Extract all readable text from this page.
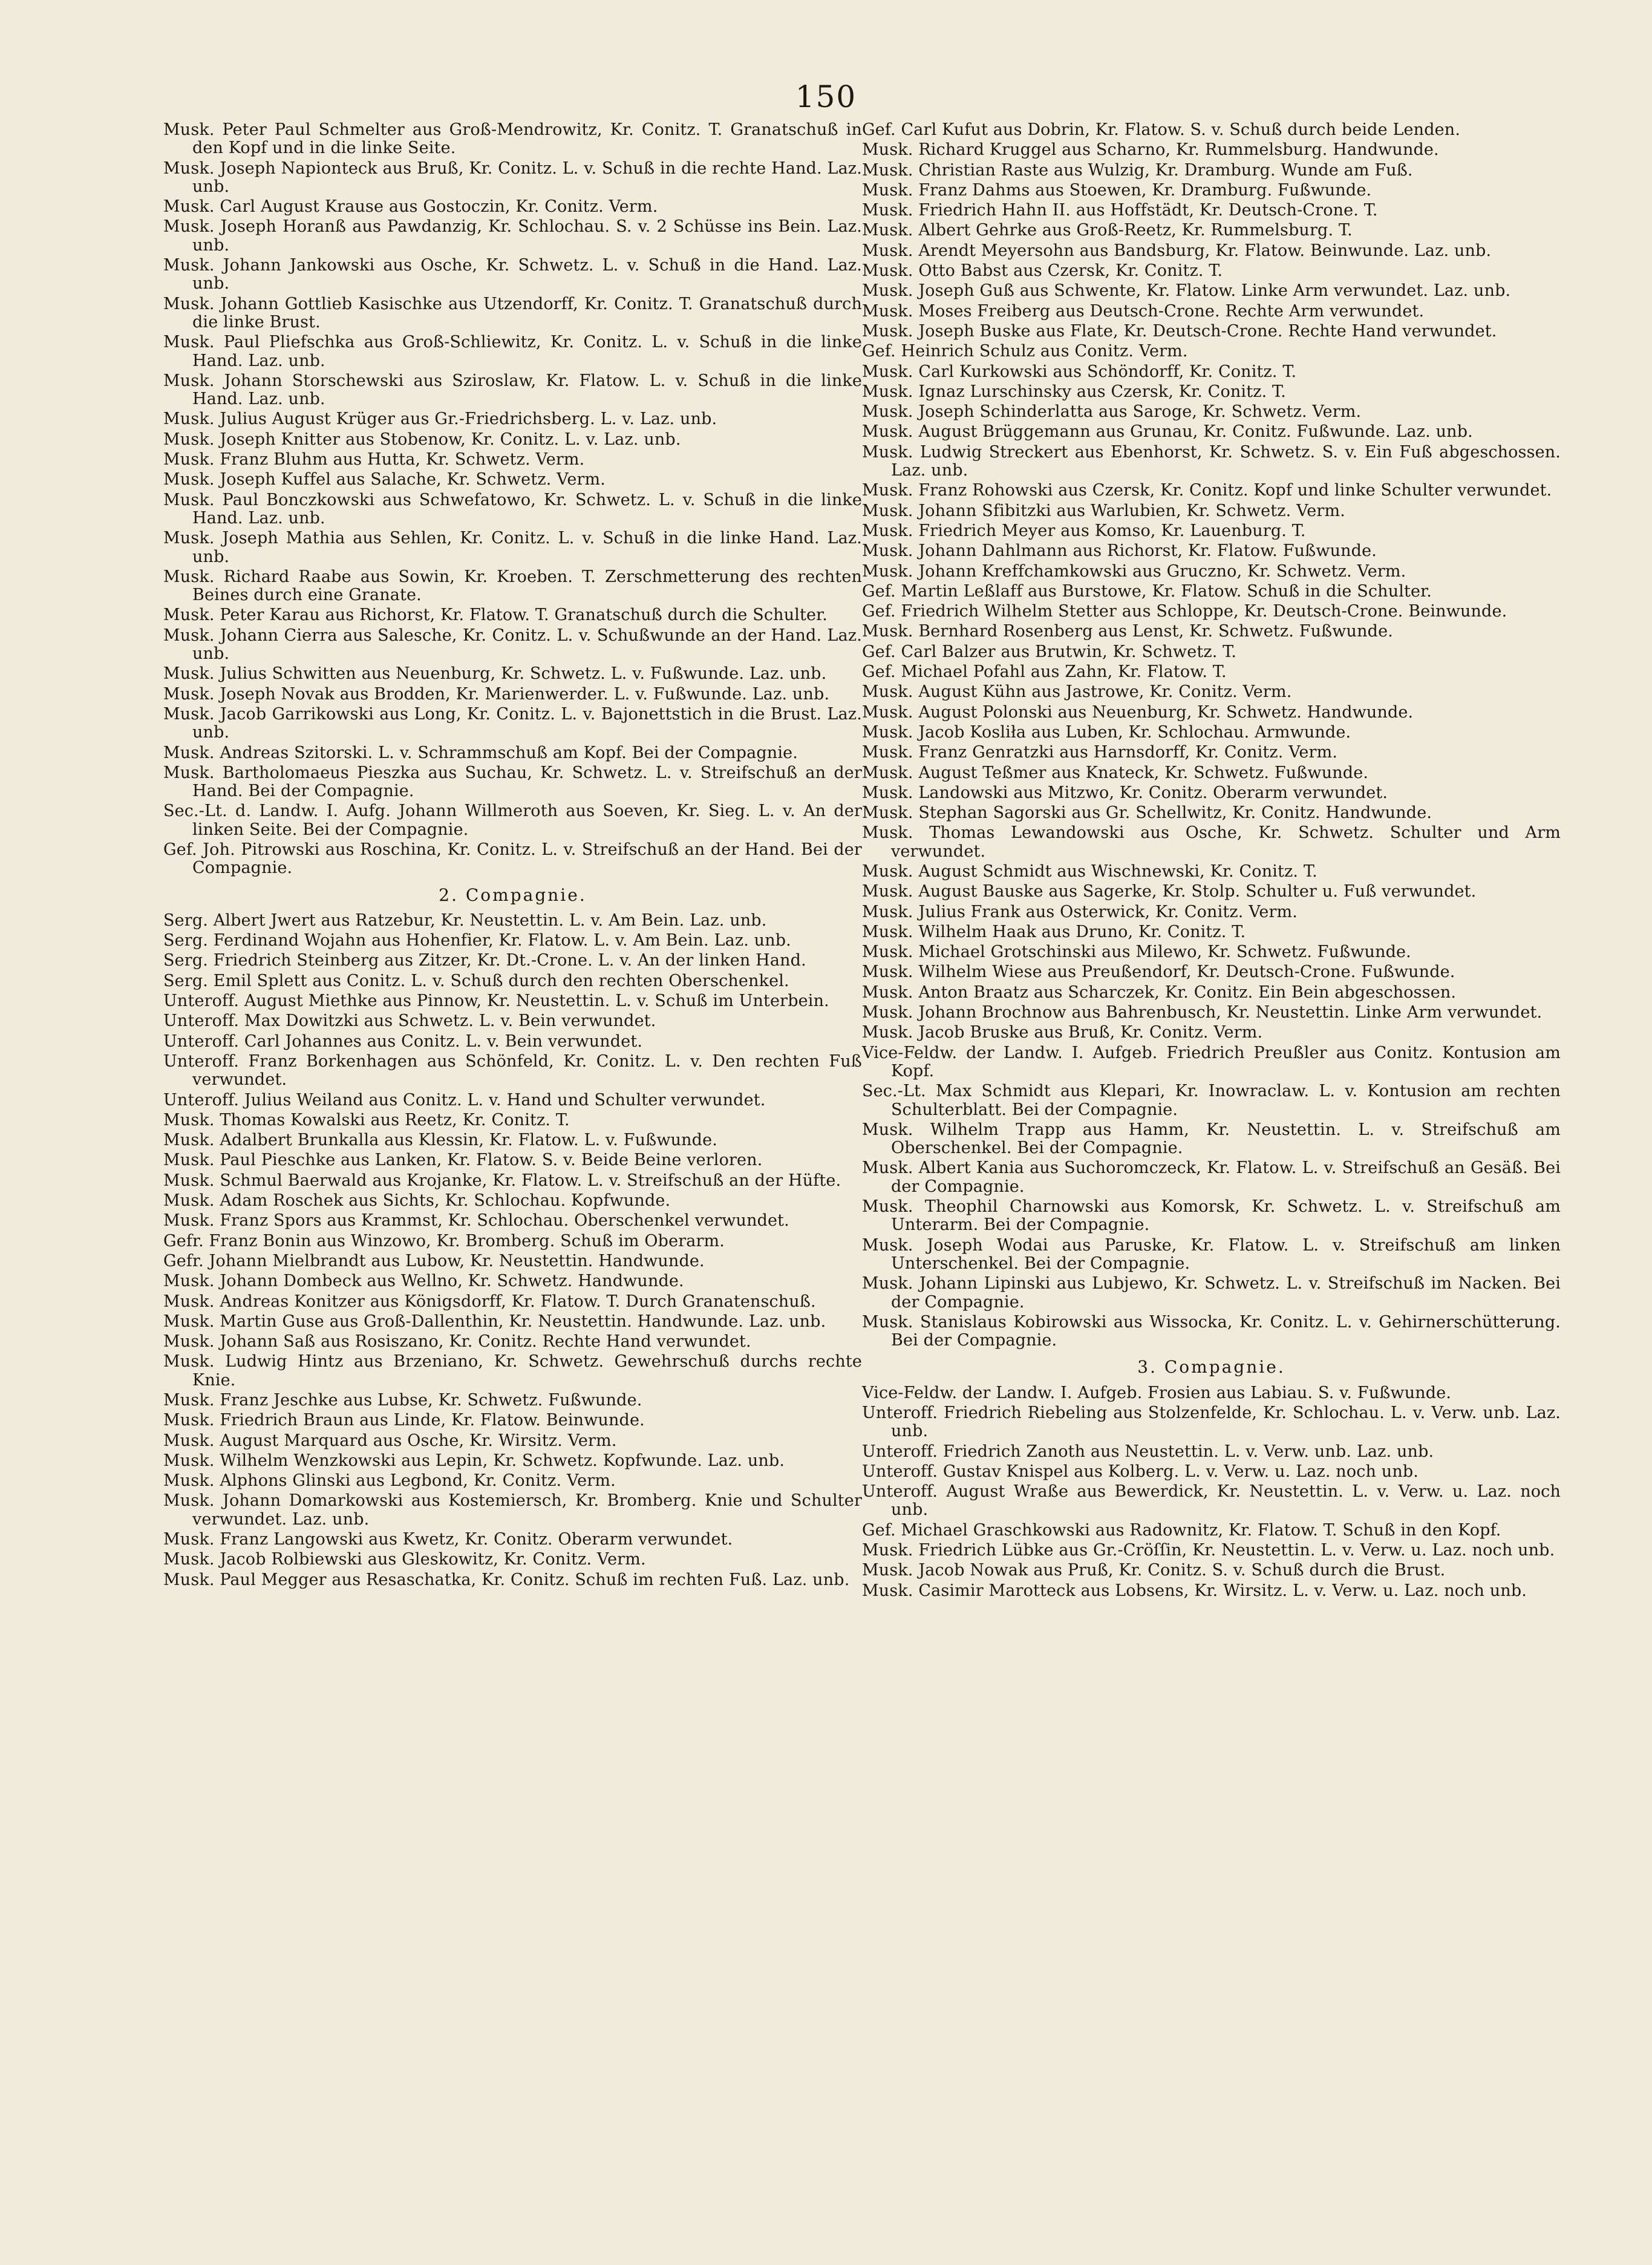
150
Musk. Peter Paul Schmelter aus Groß-Mendrowitz, Kr. Conitz. T. Granatschuß in den Kopf und in die linke Seite.
Musk. Joseph Napionteck aus Bruß, Kr. Conitz. L. v. Schuß in die rechte Hand. Laz. unb.
Musk. Carl August Krause aus Gostoczin, Kr. Conitz. Verm.
Musk. Joseph Horanß aus Pawdanzig, Kr. Schlochau. S. v. 2 Schüsse ins Bein. Laz. unb.
Musk. Johann Jankowski aus Osche, Kr. Schwetz. L. v. Schuß in die Hand. Laz. unb.
Musk. Johann Gottlieb Kasischke aus Utzendorff, Kr. Conitz. T. Granatschuß durch die linke Brust.
Musk. Paul Pliefschka aus Groß-Schliewitz, Kr. Conitz. L. v. Schuß in die linke Hand. Laz. unb.
Musk. Johann Storschewski aus Sziroslaw, Kr. Flatow. L. v. Schuß in die linke Hand. Laz. unb.
Musk. Julius August Krüger aus Gr.-Friedrichsberg. L. v. Laz. unb.
Musk. Joseph Knitter aus Stobenow, Kr. Conitz. L. v. Laz. unb.
Musk. Franz Bluhm aus Hutta, Kr. Schwetz. Verm.
Musk. Joseph Kuffel aus Salache, Kr. Schwetz. Verm.
Musk. Paul Bonczkowski aus Schwefatowo, Kr. Schwetz. L. v. Schuß in die linke Hand. Laz. unb.
Musk. Joseph Mathia aus Sehlen, Kr. Conitz. L. v. Schuß in die linke Hand. Laz. unb.
Musk. Richard Raabe aus Sowin, Kr. Kroeben. T. Zerschmetterung des rechten Beines durch eine Granate.
Musk. Peter Karau aus Richorst, Kr. Flatow. T. Granatschuß durch die Schulter.
Musk. Johann Cierra aus Salesche, Kr. Conitz. L. v. Schußwunde an der Hand. Laz. unb.
Musk. Julius Schwitten aus Neuenburg, Kr. Schwetz. L. v. Fußwunde. Laz. unb.
Musk. Joseph Novak aus Brodden, Kr. Marienwerder. L. v. Fußwunde. Laz. unb.
Musk. Jacob Garrikowski aus Long, Kr. Conitz. L. v. Bajonettstich in die Brust. Laz. unb.
Musk. Andreas Szitorski. L. v. Schrammschuß am Kopf. Bei der Compagnie.
Musk. Bartholomaeus Pieszka aus Suchau, Kr. Schwetz. L. v. Streifschuß an der Hand. Bei der Compagnie.
Sec.-Lt. d. Landw. I. Aufg. Johann Willmeroth aus Soeven, Kr. Sieg. L. v. An der linken Seite. Bei der Compagnie.
Gef. Joh. Pitrowski aus Roschina, Kr. Conitz. L. v. Streifschuß an der Hand. Bei der Compagnie.
2. Compagnie.
Serg. Albert Jwert aus Ratzebur, Kr. Neustettin. L. v. Am Bein. Laz. unb.
Serg. Ferdinand Wojahn aus Hohenfier, Kr. Flatow. L. v. Am Bein. Laz. unb.
Serg. Friedrich Steinberg aus Zitzer, Kr. Dt.-Crone. L. v. An der linken Hand.
Serg. Emil Splett aus Conitz. L. v. Schuß durch den rechten Oberschenkel.
Unteroff. August Miethke aus Pinnow, Kr. Neustettin. L. v. Schuß im Unterbein.
Unteroff. Max Dowitzki aus Schwetz. L. v. Bein verwundet.
Unteroff. Carl Johannes aus Conitz. L. v. Bein verwundet.
Unteroff. Franz Borkenhagen aus Schönfeld, Kr. Conitz. L. v. Den rechten Fuß verwundet.
Unteroff. Julius Weiland aus Conitz. L. v. Hand und Schulter verwundet.
Musk. Thomas Kowalski aus Reetz, Kr. Conitz. T.
Musk. Adalbert Brunkalla aus Klessin, Kr. Flatow. L. v. Fußwunde.
Musk. Paul Pieschke aus Lanken, Kr. Flatow. S. v. Beide Beine verloren.
Musk. Schmul Baerwald aus Krojanke, Kr. Flatow. L. v. Streifschuß an der Hüfte.
Musk. Adam Roschek aus Sichts, Kr. Schlochau. Kopfwunde.
Musk. Franz Spors aus Krammst, Kr. Schlochau. Oberschenkel verwundet.
Gefr. Franz Bonin aus Winzowo, Kr. Bromberg. Schuß im Oberarm.
Gefr. Johann Mielbrandt aus Lubow, Kr. Neustettin. Handwunde.
Musk. Johann Dombeck aus Wellno, Kr. Schwetz. Handwunde.
Musk. Andreas Konitzer aus Königsdorff, Kr. Flatow. T. Durch Granatenschuß.
Musk. Martin Guse aus Groß-Dallenthin, Kr. Neustettin. Handwunde. Laz. unb.
Musk. Johann Saß aus Rosiszano, Kr. Conitz. Rechte Hand verwundet.
Musk. Ludwig Hintz aus Brzeniano, Kr. Schwetz. Gewehrschuß durchs rechte Knie.
Musk. Franz Jeschke aus Lubse, Kr. Schwetz. Fußwunde.
Musk. Friedrich Braun aus Linde, Kr. Flatow. Beinwunde.
Musk. August Marquard aus Osche, Kr. Wirsitz. Verm.
Musk. Wilhelm Wenzkowski aus Lepin, Kr. Schwetz. Kopfwunde. Laz. unb.
Musk. Alphons Glinski aus Legbond, Kr. Conitz. Verm.
Musk. Johann Domarkowski aus Kostemiersch, Kr. Bromberg. Knie und Schulter verwundet. Laz. unb.
Musk. Franz Langowski aus Kwetz, Kr. Conitz. Oberarm verwundet.
Musk. Jacob Rolbiewski aus Gleskowitz, Kr. Conitz. Verm.
Musk. Paul Megger aus Resaschatka, Kr. Conitz. Schuß im rechten Fuß. Laz. unb.
Gef. Carl Kufut aus Dobrin, Kr. Flatow. S. v. Schuß durch beide Lenden.
Musk. Richard Kruggel aus Scharno, Kr. Rummelsburg. Handwunde.
Musk. Christian Raste aus Wulzig, Kr. Dramburg. Wunde am Fuß.
Musk. Franz Dahms aus Stoewen, Kr. Dramburg. Fußwunde.
Musk. Friedrich Hahn II. aus Hoffstädt, Kr. Deutsch-Crone. T.
Musk. Albert Gehrke aus Groß-Reetz, Kr. Rummelsburg. T.
Musk. Arendt Meyersohn aus Bandsburg, Kr. Flatow. Beinwunde. Laz. unb.
Musk. Otto Babst aus Czersk, Kr. Conitz. T.
Musk. Joseph Guß aus Schwente, Kr. Flatow. Linke Arm verwundet. Laz. unb.
Musk. Moses Freiberg aus Deutsch-Crone. Rechte Arm verwundet.
Musk. Joseph Buske aus Flate, Kr. Deutsch-Crone. Rechte Hand verwundet.
Gef. Heinrich Schulz aus Conitz. Verm.
Musk. Carl Kurkowski aus Schöndorff, Kr. Conitz. T.
Musk. Ignaz Lurschinsky aus Czersk, Kr. Conitz. T.
Musk. Joseph Schinderlatta aus Saroge, Kr. Schwetz. Verm.
Musk. August Brüggemann aus Grunau, Kr. Conitz. Fußwunde. Laz. unb.
Musk. Ludwig Streckert aus Ebenhorst, Kr. Schwetz. S. v. Ein Fuß abgeschossen. Laz. unb.
Musk. Franz Rohowski aus Czersk, Kr. Conitz. Kopf und linke Schulter verwundet.
Musk. Johann Sfibitzki aus Warlubien, Kr. Schwetz. Verm.
Musk. Friedrich Meyer aus Komso, Kr. Lauenburg. T.
Musk. Johann Dahlmann aus Richorst, Kr. Flatow. Fußwunde.
Musk. Johann Kreffchamkowski aus Gruczno, Kr. Schwetz. Verm.
Gef. Martin Leßlaff aus Burstowe, Kr. Flatow. Schuß in die Schulter.
Gef. Friedrich Wilhelm Stetter aus Schloppe, Kr. Deutsch-Crone. Beinwunde.
Musk. Bernhard Rosenberg aus Lenst, Kr. Schwetz. Fußwunde.
Gef. Carl Balzer aus Brutwin, Kr. Schwetz. T.
Gef. Michael Pofahl aus Zahn, Kr. Flatow. T.
Musk. August Kühn aus Jastrowe, Kr. Conitz. Verm.
Musk. August Polonski aus Neuenburg, Kr. Schwetz. Handwunde.
Musk. Jacob Kosliła aus Luben, Kr. Schlochau. Armwunde.
Musk. Franz Genratzki aus Harnsdorff, Kr. Conitz. Verm.
Musk. August Teßmer aus Knateck, Kr. Schwetz. Fußwunde.
Musk. Landowski aus Mitzwo, Kr. Conitz. Oberarm verwundet.
Musk. Stephan Sagorski aus Gr. Schellwitz, Kr. Conitz. Handwunde.
Musk. Thomas Lewandowski aus Osche, Kr. Schwetz. Schulter und Arm verwundet.
Musk. August Schmidt aus Wischnewski, Kr. Conitz. T.
Musk. August Bauske aus Sagerke, Kr. Stolp. Schulter u. Fuß verwundet.
Musk. Julius Frank aus Osterwick, Kr. Conitz. Verm.
Musk. Wilhelm Haak aus Druno, Kr. Conitz. T.
Musk. Michael Grotschinski aus Milewo, Kr. Schwetz. Fußwunde.
Musk. Wilhelm Wiese aus Preußendorf, Kr. Deutsch-Crone. Fußwunde.
Musk. Anton Braatz aus Scharczek, Kr. Conitz. Ein Bein abgeschossen.
Musk. Johann Brochnow aus Bahrenbusch, Kr. Neustettin. Linke Arm verwundet.
Musk. Jacob Bruske aus Bruß, Kr. Conitz. Verm.
Vice-Feldw. der Landw. I. Aufgeb. Friedrich Preußler aus Conitz. Kontusion am Kopf.
Sec.-Lt. Max Schmidt aus Klepari, Kr. Inowraclaw. L. v. Kontusion am rechten Schulterblatt. Bei der Compagnie.
Musk. Wilhelm Trapp aus Hamm, Kr. Neustettin. L. v. Streifschuß am Oberschenkel. Bei der Compagnie.
Musk. Albert Kania aus Suchoromczeck, Kr. Flatow. L. v. Streifschuß an Gesäß. Bei der Compagnie.
Musk. Theophil Charnowski aus Komorsk, Kr. Schwetz. L. v. Streifschuß am Unterarm. Bei der Compagnie.
Musk. Joseph Wodai aus Paruske, Kr. Flatow. L. v. Streifschuß am linken Unterschenkel. Bei der Compagnie.
Musk. Johann Lipinski aus Lubjewo, Kr. Schwetz. L. v. Streifschuß im Nacken. Bei der Compagnie.
Musk. Stanislaus Kobirowski aus Wissocka, Kr. Conitz. L. v. Gehirnerschütterung. Bei der Compagnie.
3. Compagnie.
Vice-Feldw. der Landw. I. Aufgeb. Frosien aus Labiau. S. v. Fußwunde.
Unteroff. Friedrich Riebeling aus Stolzenfelde, Kr. Schlochau. L. v. Verw. unb. Laz. unb.
Unteroff. Friedrich Zanoth aus Neustettin. L. v. Verw. unb. Laz. unb.
Unteroff. Gustav Knispel aus Kolberg. L. v. Verw. u. Laz. noch unb.
Unteroff. August Wraße aus Bewerdick, Kr. Neustettin. L. v. Verw. u. Laz. noch unb.
Gef. Michael Graschkowski aus Radownitz, Kr. Flatow. T. Schuß in den Kopf.
Musk. Friedrich Lübke aus Gr.-Cröſſin, Kr. Neustettin. L. v. Verw. u. Laz. noch unb.
Musk. Jacob Nowak aus Pruß, Kr. Conitz. S. v. Schuß durch die Brust.
Musk. Casimir Marotteck aus Lobsens, Kr. Wirsitz. L. v. Verw. u. Laz. noch unb.
